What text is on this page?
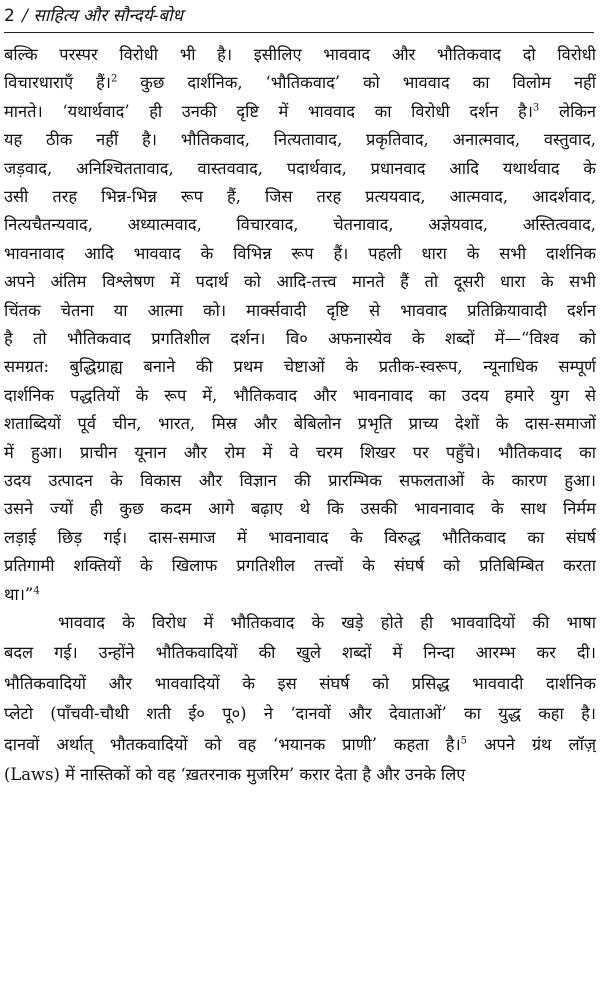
2 / साहित्य और सौन्दर्य-बोध
बल्कि परस्पर विरोधी भी है। इसीलिए भाववाद और भौतिकवाद दो विरोधी
विचारधाराएँ हैं।$^2$ कुछ दार्शनिक, ‘भौतिकवाद’ को भाववाद का विलोम नहीं
मानते। ‘यथार्थवाद’ ही उनकी दृष्टि में भाववाद का विरोधी दर्शन है।$^3$ लेकिन
यह ठीक नहीं है। भौतिकवाद, नित्यतावाद, प्रकृतिवाद, अनात्मवाद, वस्तुवाद,
जड़वाद, अनिश्चिततावाद, वास्तववाद, पदार्थवाद, प्रधानवाद आदि यथार्थवाद के
उसी तरह भिन्न-भिन्न रूप हैं, जिस तरह प्रत्ययवाद, आत्मवाद, आदर्शवाद,
नित्यचैतन्यवाद, अध्यात्मवाद, विचारवाद, चेतनावाद, अज्ञेयवाद, अस्तित्ववाद,
भावनावाद आदि भाववाद के विभिन्न रूप हैं। पहली धारा के सभी दार्शनिक
अपने अंतिम विश्लेषण में पदार्थ को आदि-तत्त्व मानते हैं तो दूसरी धारा के सभी
चिंतक चेतना या आत्मा को। मार्क्सवादी दृष्टि से भाववाद प्रतिक्रियावादी दर्शन
है तो भौतिकवाद प्रगतिशील दर्शन। वि० अफनास्येव के शब्दों में—“विश्व को
समग्रत: बुद्धिग्राह्य बनाने की प्रथम चेष्टाओं के प्रतीक-स्वरूप, न्यूनाधिक सम्पूर्ण
दार्शनिक पद्धतियों के रूप में, भौतिकवाद और भावनावाद का उदय हमारे युग से
शताब्दियों पूर्व चीन, भारत, मिस्र और बेबिलोन प्रभृति प्राच्य देशों के दास-समाजों
में हुआ। प्राचीन यूनान और रोम में वे चरम शिखर पर पहुँचे। भौतिकवाद का
उदय उत्पादन के विकास और विज्ञान की प्रारम्भिक सफलताओं के कारण हुआ।
उसने ज्यों ही कुछ कदम आगे बढ़ाए थे कि उसकी भावनावाद के साथ निर्मम
लड़ाई छिड़ गई। दास-समाज में भावनावाद के विरुद्ध भौतिकवाद का संघर्ष
प्रतिगामी शक्तियों के खिलाफ प्रगतिशील तत्त्वों के संघर्ष को प्रतिबिम्बित करता
था।”$^4$
भाववाद के विरोध में भौतिकवाद के खड़े होते ही भाववादियों की भाषा
बदल गई। उन्होंने भौतिकवादियों की खुले शब्दों में निन्दा आरम्भ कर दी।
भौतिकवादियों और भाववादियों के इस संघर्ष को प्रसिद्ध भाववादी दार्शनिक
प्लेटो (पाँचवी-चौथी शती ई० पू०) ने ‘दानवों और देवाताओं’ का युद्ध कहा है।
दानवों अर्थात् भौतकवादियों को वह ‘भयानक प्राणी’ कहता है।$^5$ अपने ग्रंथ लॉज़्
(Laws) में नास्तिकों को वह ‘ख़तरनाक मुजरिम’ करार देता है और उनके लिए
